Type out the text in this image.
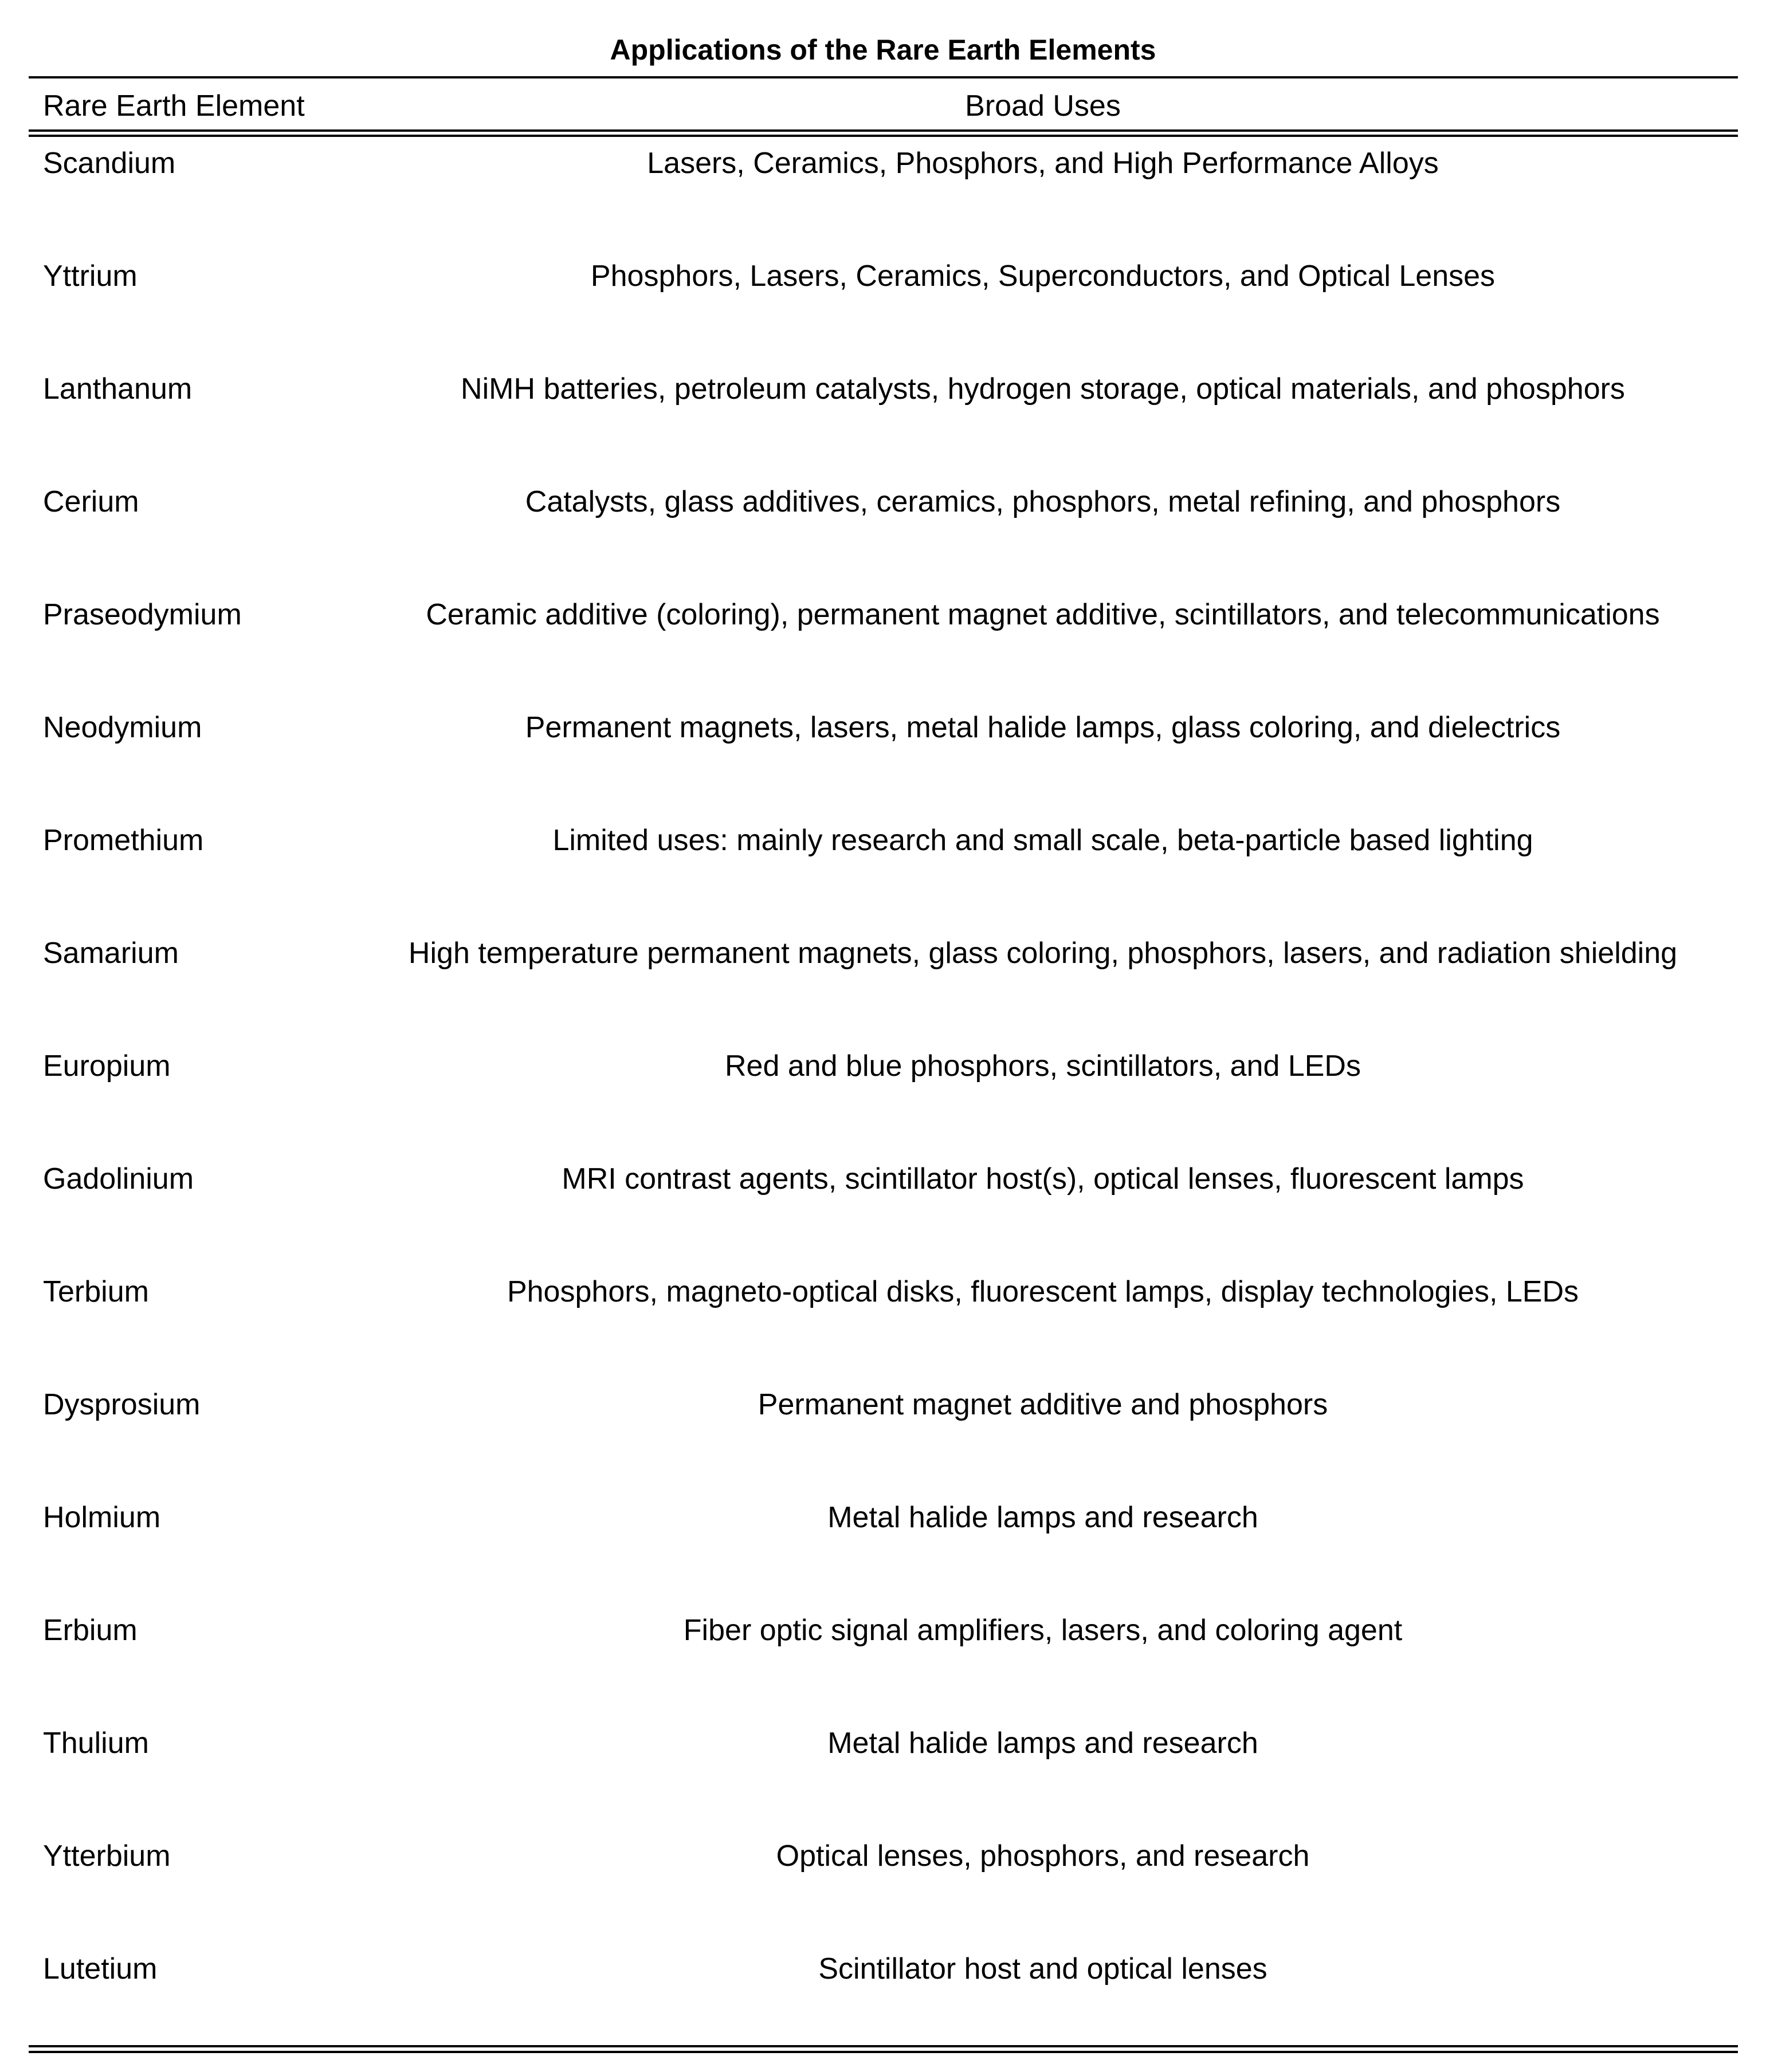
Applications of the Rare Earth Elements
Rare Earth Element	Broad Uses
Scandium	Lasers, Ceramics, Phosphors, and High Performance Alloys
Yttrium	Phosphors, Lasers, Ceramics, Superconductors, and Optical Lenses
Lanthanum	NiMH batteries, petroleum catalysts, hydrogen storage, optical materials, and phosphors
Cerium	Catalysts, glass additives, ceramics, phosphors, metal refining, and phosphors
Praseodymium	Ceramic additive (coloring), permanent magnet additive, scintillators, and telecommunications
Neodymium	Permanent magnets, lasers, metal halide lamps, glass coloring, and dielectrics
Promethium	Limited uses: mainly research and small scale, beta-particle based lighting
Samarium	High temperature permanent magnets, glass coloring, phosphors, lasers, and radiation shielding
Europium	Red and blue phosphors, scintillators, and LEDs
Gadolinium	MRI contrast agents, scintillator host(s), optical lenses, fluorescent lamps
Terbium	Phosphors, magneto-optical disks, fluorescent lamps, display technologies, LEDs
Dysprosium	Permanent magnet additive and phosphors
Holmium	Metal halide lamps and research
Erbium	Fiber optic signal amplifiers, lasers, and coloring agent
Thulium	Metal halide lamps and research
Ytterbium	Optical lenses, phosphors, and research
Lutetium	Scintillator host and optical lenses
